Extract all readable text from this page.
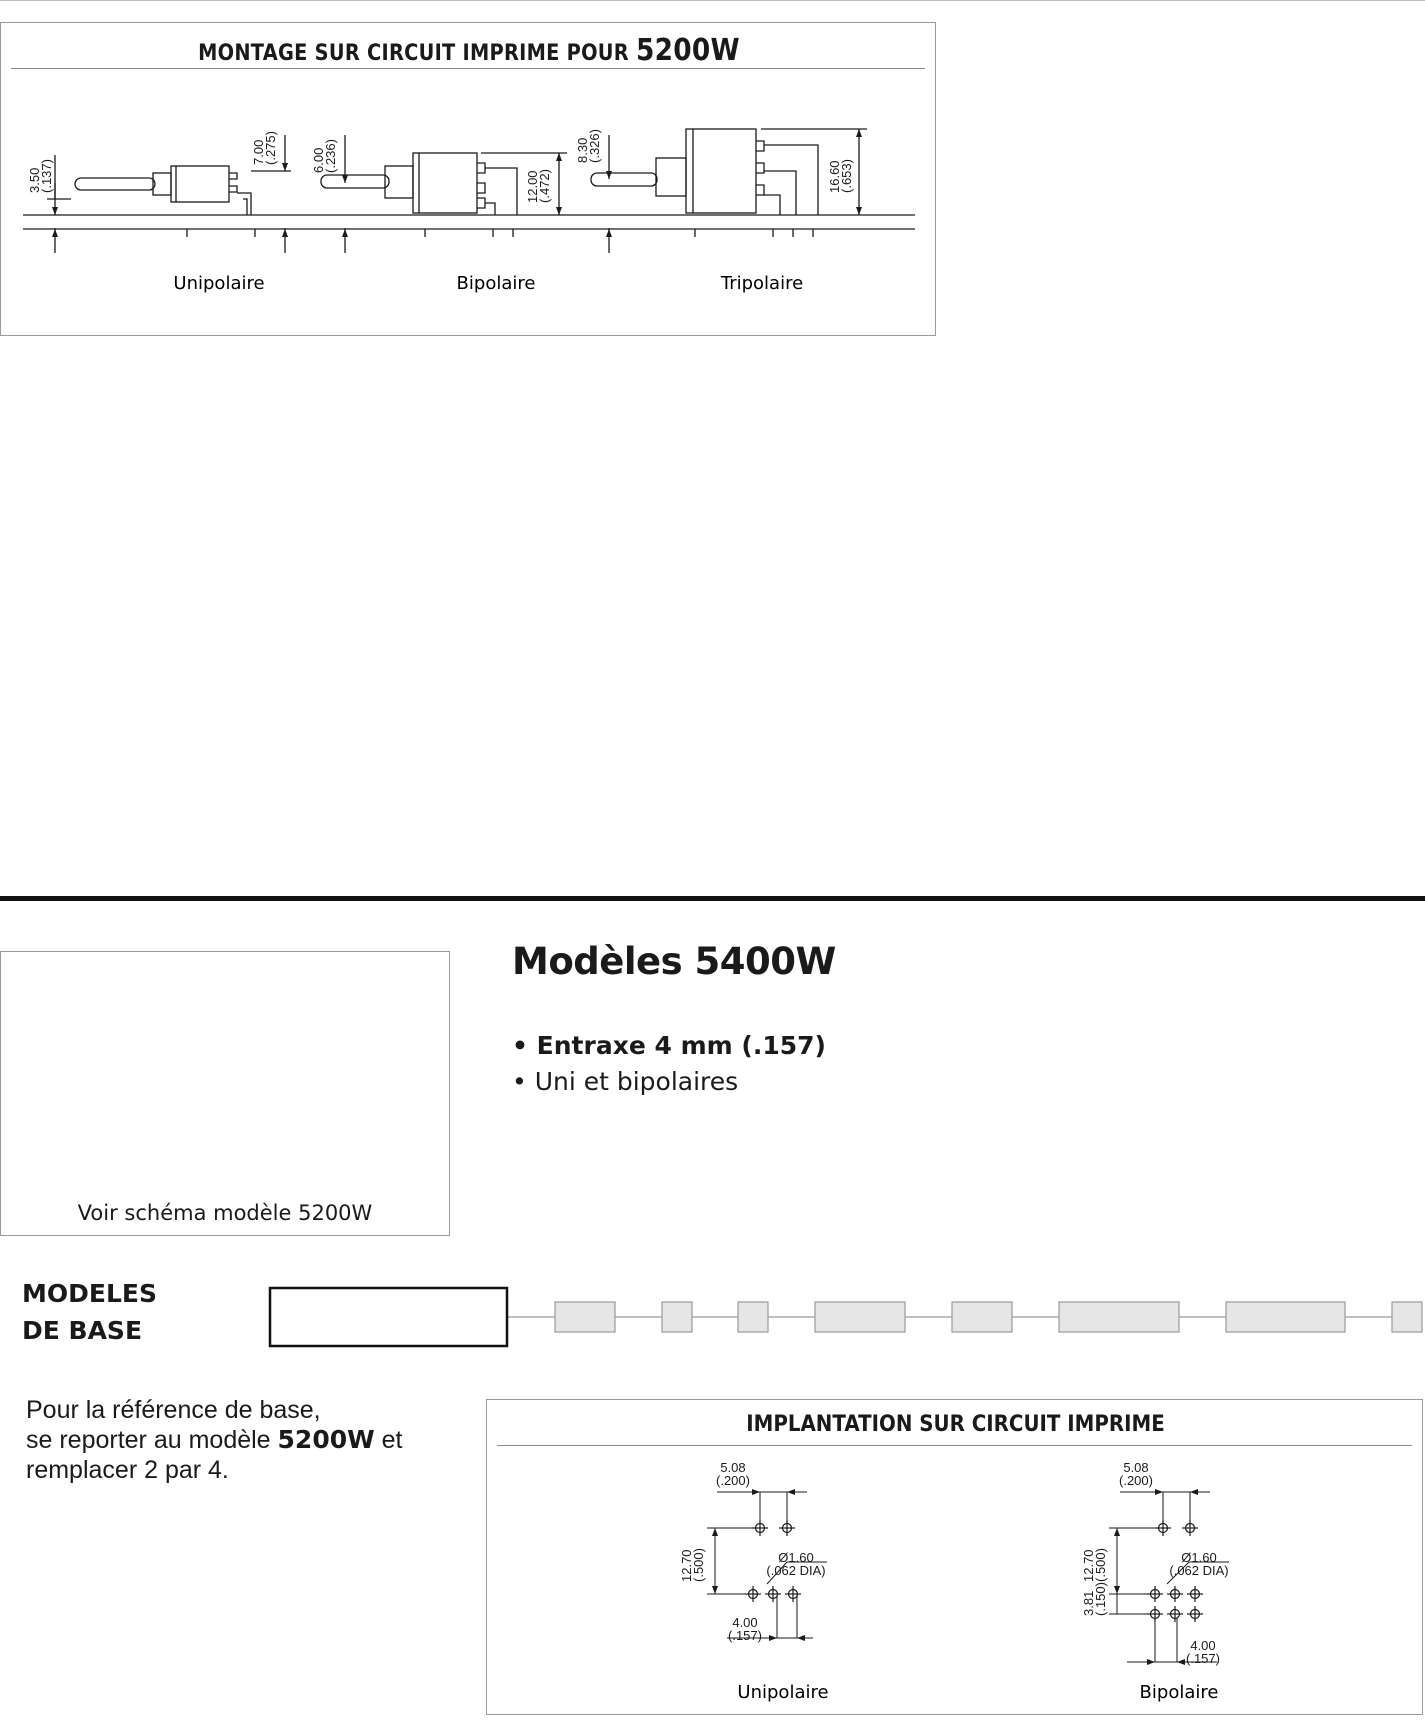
MONTAGE SUR CIRCUIT IMPRIME POUR 5200W
3.50
(.137)
7.00
(.275)	6.00
(.236)
12.00
(.472)
8.30
(.326)
16.60
(.653)
Unipolaire	Bipolaire	Tripolaire
Voir schéma modèle 5200W
Modèles 5400W
• Entraxe 4 mm (.157)
• Uni et bipolaires
MODELES
DE BASE
Pour la référence de base,
se reporter au modèle 5200W et
remplacer 2 par 4.
IMPLANTATION SUR CIRCUIT IMPRIME
5.08
(.200)
12.70
(.500)	Ø1.60
(.062 DIA)
4.00
(.157)
5.08
(.200)
12.70
(.500)
3.81
(.150)
Ø1.60
(.062 DIA)
4.00
(.157)
Unipolaire	Bipolaire
